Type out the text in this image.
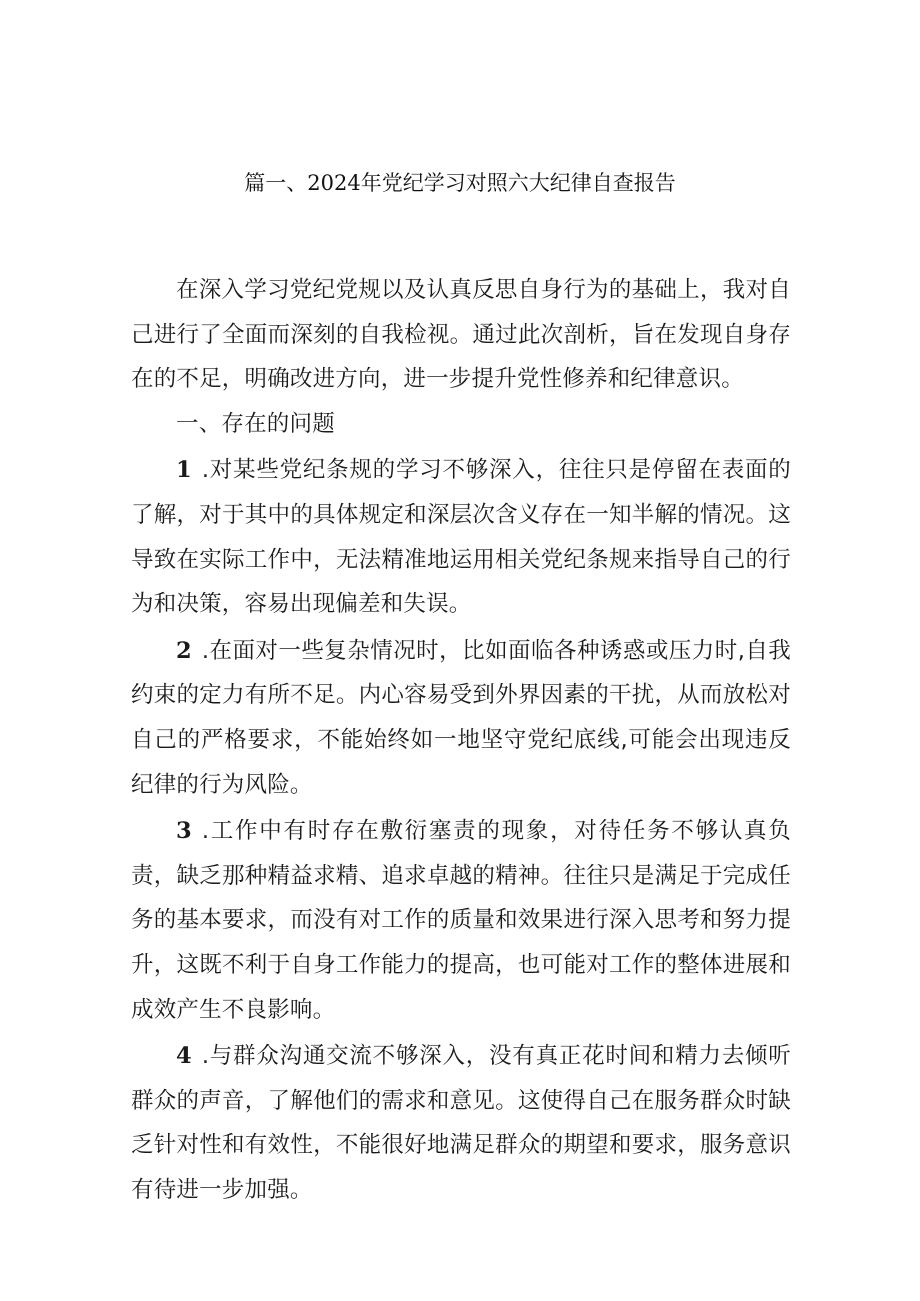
篇一、2024年党纪学习对照六大纪律自查报告

在深入学习党纪党规以及认真反思自身行为的基础上，我对自己进行了全面而深刻的自我检视。通过此次剖析，旨在发现自身存在的不足，明确改进方向，进一步提升党性修养和纪律意识。

一、存在的问题

1 .对某些党纪条规的学习不够深入，往往只是停留在表面的了解，对于其中的具体规定和深层次含义存在一知半解的情况。这导致在实际工作中，无法精准地运用相关党纪条规来指导自己的行为和决策，容易出现偏差和失误。

2 .在面对一些复杂情况时，比如面临各种诱惑或压力时,自我约束的定力有所不足。内心容易受到外界因素的干扰，从而放松对自己的严格要求，不能始终如一地坚守党纪底线,可能会出现违反纪律的行为风险。

3 .工作中有时存在敷衍塞责的现象，对待任务不够认真负责，缺乏那种精益求精、追求卓越的精神。往往只是满足于完成任务的基本要求，而没有对工作的质量和效果进行深入思考和努力提升，这既不利于自身工作能力的提高，也可能对工作的整体进展和成效产生不良影响。

4 .与群众沟通交流不够深入，没有真正花时间和精力去倾听群众的声音，了解他们的需求和意见。这使得自己在服务群众时缺乏针对性和有效性，不能很好地满足群众的期望和要求，服务意识有待进一步加强。
